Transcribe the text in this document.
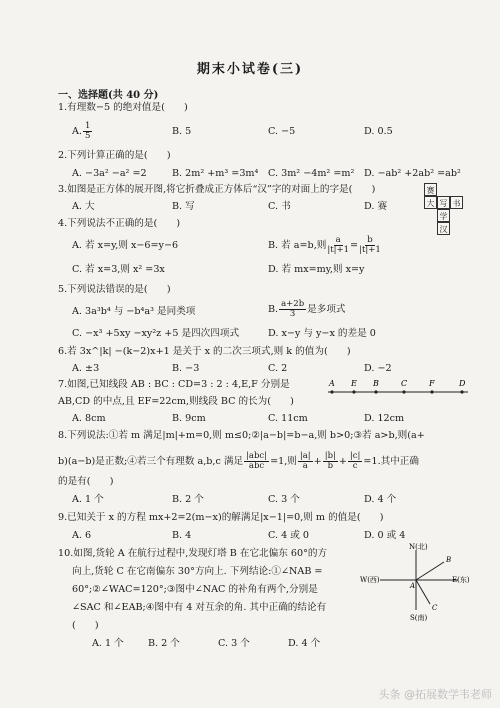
期末小试卷(三)
一、选择题(共 40 分)
1.有理数−5 的绝对值是(　　)
A. $\frac{1}{5}$	B. 5	C. −5	D. 0.5
2.下列计算正确的是(　　)
A. −3a² −a² =2	B. 2m² +m³ =3m⁴ C. 3m² −4m² =m² D. −ab² +2ab² =ab²
3.如图是正方体的展开图,将它折叠成正方体后“汉”字的对面上的字是(　　)
A. 大	B. 写	C. 书	D. 赛
赛
大 写 书
学
汉
4.下列说法不正确的是(　　)
A. 若 x=y,则 x−6=y−6	B. 若 a=b,则 $\frac{a}{|t|+1} = \frac{b}{|t|+1}$
C. 若 x=3,则 x² =3x	D. 若 mx=my,则 x=y
5.下列说法错误的是(　　)
A. 3a³b⁴ 与 −b⁴a³ 是同类项	B. $\frac{a+2b}{3}$ 是多项式
C. −x³ +5xy −xy²z +5 是四次四项式	D. x−y 与 y−x 的差是 0
6.若 3x^|k| −(k−2)x+1 是关于 x 的二次三项式,则 k 的值为(　　)
A. ±3	B. −3	C. 2	D. −2
7.如图,已知线段 AB : BC : CD=3 : 2 : 4,E,F 分别是
AB,CD 的中点,且 EF=22cm,则线段 BC 的长为(　　)
A E B	C	F	D
A. 8cm	B. 9cm	C. 11cm	D. 12cm
8.下列说法:①若 m 满足|m|+m=0,则 m≤0;②|a−b|=b−a,则 b>0;③若 a>b,则(a+
b)(a−b)是正数;④若三个有理数 a,b,c 满足 $\frac{\text{|abc|}}{\text{abc}} =1$,则 $\frac{|a|}{a} + \frac{|b|}{b} + \frac{|c|}{c} =1$.其中正确
的是有(　　)
A. 1 个	B. 2 个	C. 3 个	D. 4 个
9.已知关于 x 的方程 mx+2=2(m−x)的解满足|x−1|=0,则 m 的值是(　　)
A. 6	B. 4	C. 4 或 0	D. 0 或 4
10.如图,货轮 A 在航行过程中,发现灯塔 B 在它北偏东 60°的方
向上,货轮 C 在它南偏东 30°方向上. 下列结论:①∠NAB =
60°;②∠WAC=120°;③图中∠NAC 的补角有两个,分别是
∠SAC 和∠EAB;④图中有 4 对互余的角. 其中正确的结论有
(　　)
A. 1 个	B. 2 个	C. 3 个	D. 4 个
N(北)
S(南)
W(西)	E(东)
A
B
C
头条 @拓展数学韦老师
